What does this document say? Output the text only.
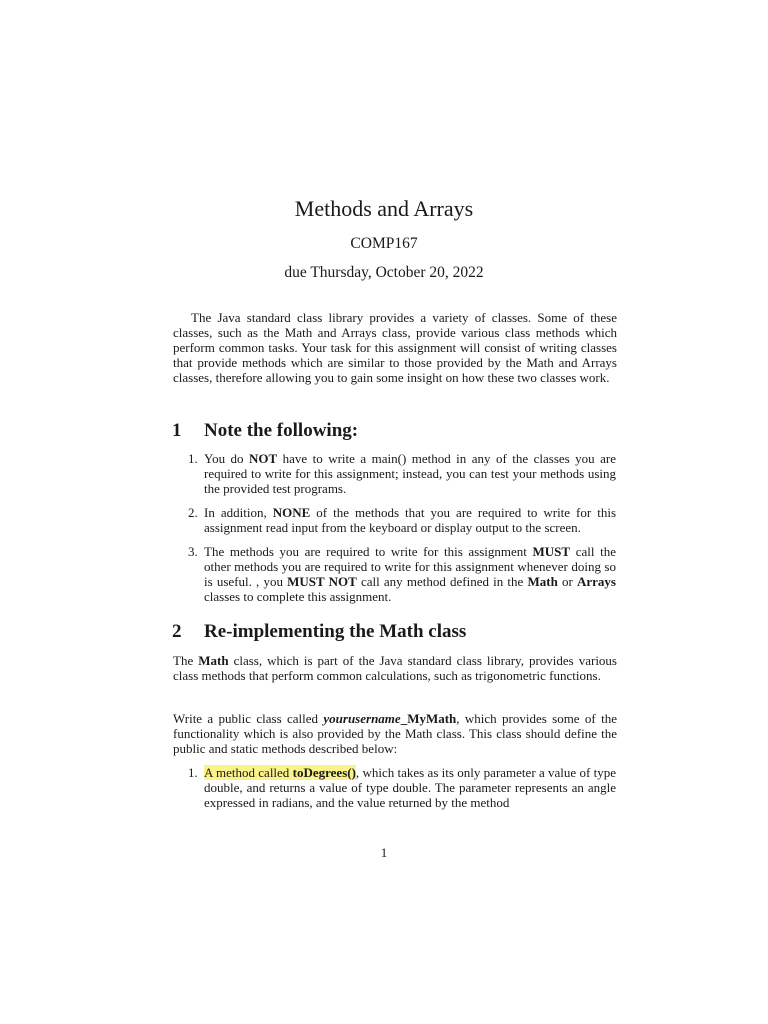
Methods and Arrays
COMP167
due Thursday, October 20, 2022

The Java standard class library provides a variety of classes. Some of these classes, such as the Math and Arrays class, provide various class methods which perform common tasks. Your task for this assignment will consist of writing classes that provide methods which are similar to those provided by the Math and Arrays classes, therefore allowing you to gain some insight on how these two classes work.

1 Note the following:
1. You do NOT have to write a main() method in any of the classes you are required to write for this assignment; instead, you can test your methods using the provided test programs.
2. In addition, NONE of the methods that you are required to write for this assignment read input from the keyboard or display output to the screen.
3. The methods you are required to write for this assignment MUST call the other methods you are required to write for this assignment whenever doing so is useful. , you MUST NOT call any method defined in the Math or Arrays classes to complete this assignment.
2 Re-implementing the Math class

The Math class, which is part of the Java standard class library, provides various class methods that perform common calculations, such as trigonometric functions.

Write a public class called yourusername_MyMath, which provides some of the functionality which is also provided by the Math class. This class should define the public and static methods described below:

1. A method called toDegrees(), which takes as its only parameter a value of type double, and returns a value of type double. The parameter represents an angle expressed in radians, and the value returned by the method
1
